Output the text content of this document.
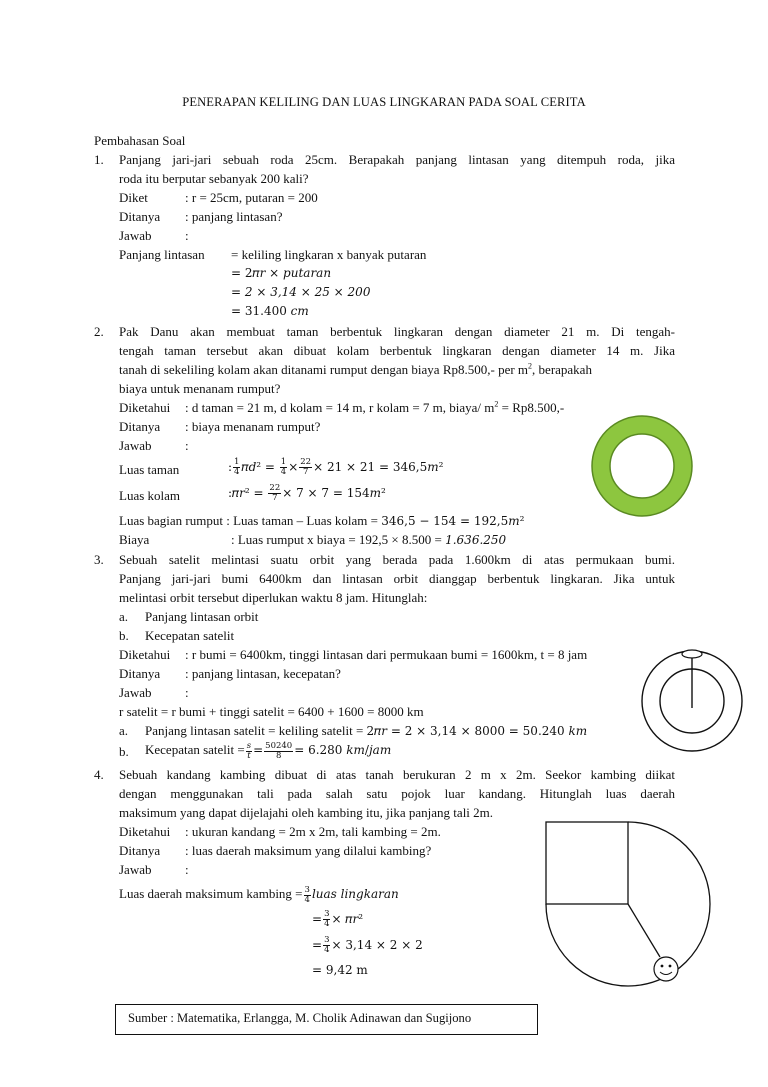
PENERAPAN KELILING DAN LUAS LINGKARAN PADA SOAL CERITA
Pembahasan Soal
1. Panjang jari-jari sebuah roda 25cm. Berapakah panjang lintasan yang ditempuh roda, jika
roda itu berputar sebanyak 200 kali?
Diket	: r = 25cm, putaran = 200
Ditanya : panjang lintasan?
Jawab	:
Panjang lintasan = keliling lingkaran x banyak putaran
= 2𝜋𝑟 × 𝑝𝑢𝑡𝑎𝑟𝑎𝑛
= 2 × 3,14 × 25 × 200
= 31.400 𝑐𝑚
2. Pak Danu akan membuat taman berbentuk lingkaran dengan diameter 21 m. Di tengah-
tengah taman tersebut akan dibuat kolam berbentuk lingkaran dengan diameter 14 m. Jika
tanah di sekeliling kolam akan ditanami rumput dengan biaya Rp8.500,- per $m^2$, berapakah
biaya untuk menanam rumput?
Diketahui : d taman = 21 m, d kolam = 14 m, r kolam = 7 m, biaya/ $m^2 = Rp8.500,-$
Ditanya : biaya menanam rumput?
Jawab	:
Luas taman	: $\frac{1}{4}$ 𝜋𝑑² = $\frac{1}{4} \times \frac{22}{7} \times 21 \times 21$ = 346,5𝑚²
Luas kolam	:𝜋𝑟² = $\frac{22}{7} \times 7 \times 7$ = 154𝑚²
Luas bagian rumput : Luas taman – Luas kolam = 346,5 − 154 = 192,5𝑚²
Biaya	: Luas rumput x biaya = 192,5 × 8.500 = 1.636.250
3. Sebuah satelit melintasi suatu orbit yang berada pada 1.600km di atas permukaan bumi.
Panjang jari-jari bumi 6400km dan lintasan orbit dianggap berbentuk lingkaran. Jika untuk
melintasi orbit tersebut diperlukan waktu 8 jam. Hitunglah:
a. Panjang lintasan orbit
b. Kecepatan satelit
Diketahui : r bumi = 6400km, tinggi lintasan dari permukaan bumi = 1600km, t = 8 jam
Ditanya : panjang lintasan, kecepatan?
Jawab	:
r satelit = r bumi + tinggi satelit = 6400 + 1600 = 8000 km
a. Panjang lintasan satelit = keliling satelit = 2𝜋𝑟 = 2 × 3,14 × 8000 = 50.240 𝑘𝑚
b. Kecepatan satelit = $\frac{\text{𝑠}}{\text{𝑡}} = \frac{50240}{8} = 6.280$ 𝑘𝑚/𝑗𝑎𝑚
4. Sebuah kandang kambing dibuat di atas tanah berukuran 2 m x 2m. Seekor kambing diikat
dengan menggunakan tali pada salah satu pojok luar kandang. Hitunglah luas daerah
maksimum yang dapat dijelajahi oleh kambing itu, jika panjang tali 2m.
Diketahui : ukuran kandang = 2m x 2m, tali kambing = 2m.
Ditanya : luas daerah maksimum yang dilalui kambing?
Jawab	:
Luas daerah maksimum kambing = $\frac{3}{4}$ 𝑙𝑢𝑎𝑠 𝑙𝑖𝑛𝑔𝑘𝑎𝑟𝑎𝑛
= $\frac{3}{4}$ × 𝜋𝑟²
= $\frac{3}{4} \times 3,14 \times 2 \times 2$
= 9,42 m
Sumber : Matematika, Erlangga, M. Cholik Adinawan dan Sugijono
